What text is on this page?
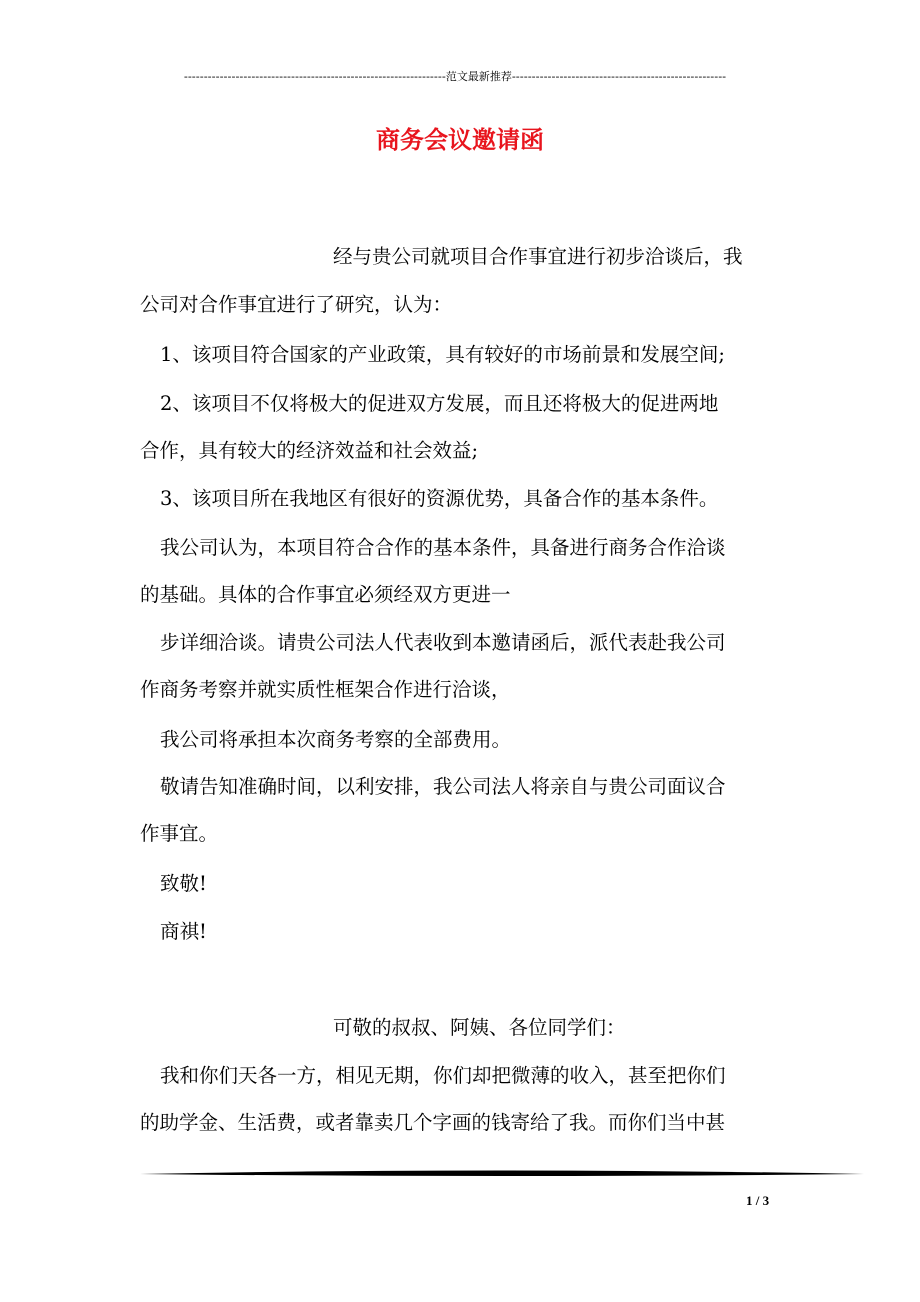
------------------------------------------------------------------范文最新推荐------------------------------------------------------
商务会议邀请函
经与贵公司就项目合作事宜进行初步洽谈后，我
公司对合作事宜进行了研究，认为：
1、该项目符合国家的产业政策，具有较好的市场前景和发展空间;
2、该项目不仅将极大的促进双方发展，而且还将极大的促进两地
合作，具有较大的经济效益和社会效益;
3、该项目所在我地区有很好的资源优势，具备合作的基本条件。
我公司认为，本项目符合合作的基本条件，具备进行商务合作洽谈
的基础。具体的合作事宜必须经双方更进一
步详细洽谈。请贵公司法人代表收到本邀请函后，派代表赴我公司
作商务考察并就实质性框架合作进行洽谈，
我公司将承担本次商务考察的全部费用。
敬请告知准确时间，以利安排，我公司法人将亲自与贵公司面议合
作事宜。
致敬!
商祺!
可敬的叔叔、阿姨、各位同学们：
我和你们天各一方，相见无期，你们却把微薄的收入，甚至把你们
的助学金、生活费，或者靠卖几个字画的钱寄给了我。而你们当中甚
1 / 3
